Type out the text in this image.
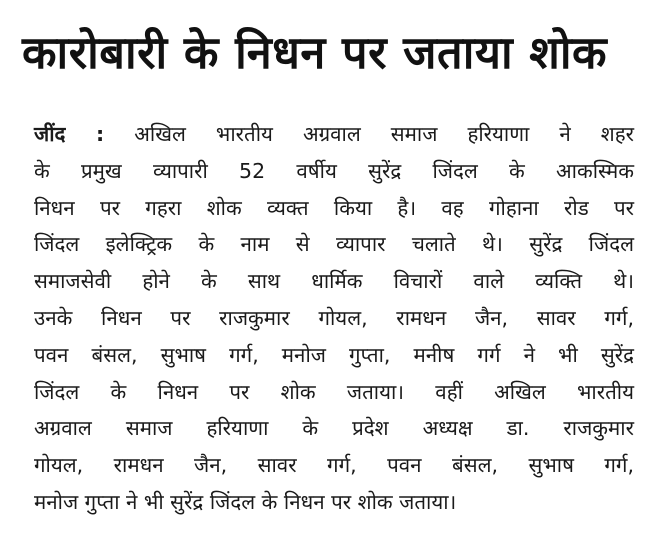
कारोबारी के निधन पर जताया शोक
जींद : अखिल भारतीय अग्रवाल समाज हरियाणा ने शहर
के प्रमुख व्यापारी 52 वर्षीय सुरेंद्र जिंदल के आकस्मिक
निधन पर गहरा शोक व्यक्त किया है। वह गोहाना रोड पर
जिंदल इलेक्ट्रिक के नाम से व्यापार चलाते थे। सुरेंद्र जिंदल
समाजसेवी होने के साथ धार्मिक विचारों वाले व्यक्ति थे।
उनके निधन पर राजकुमार गोयल, रामधन जैन, सावर गर्ग,
पवन बंसल, सुभाष गर्ग, मनोज गुप्ता, मनीष गर्ग ने भी सुरेंद्र
जिंदल के निधन पर शोक जताया। वहीं अखिल भारतीय
अग्रवाल समाज हरियाणा के प्रदेश अध्यक्ष डा. राजकुमार
गोयल, रामधन जैन, सावर गर्ग, पवन बंसल, सुभाष गर्ग,
मनोज गुप्ता ने भी सुरेंद्र जिंदल के निधन पर शोक जताया।
